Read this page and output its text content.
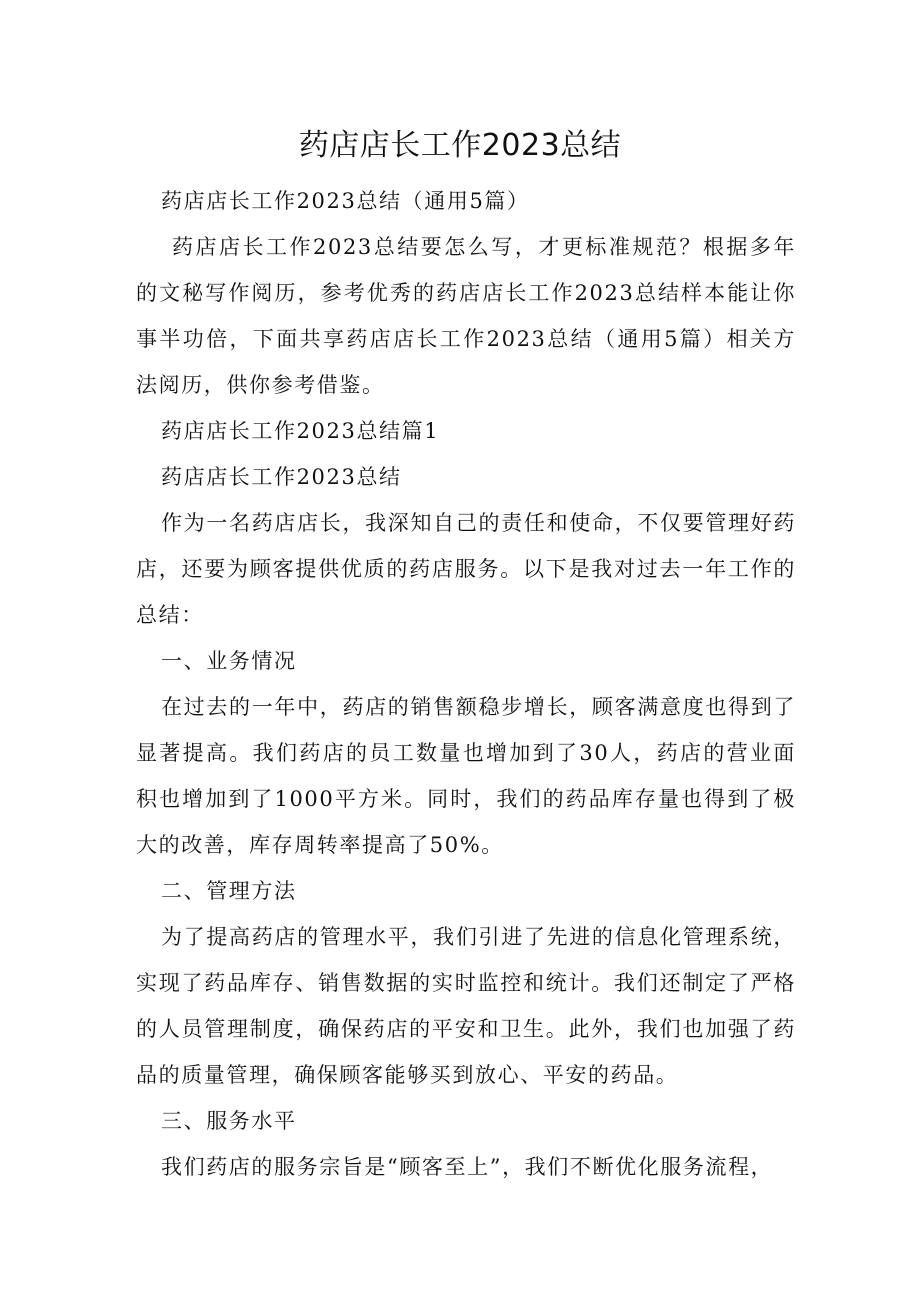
药店店长工作2023总结

药店店长工作2023总结（通用5篇）

药店店长工作2023总结要怎么写，才更标准规范？根据多年的文秘写作阅历，参考优秀的药店店长工作2023总结样本能让你事半功倍，下面共享药店店长工作2023总结（通用5篇）相关方法阅历，供你参考借鉴。

药店店长工作2023总结篇1

药店店长工作2023总结

作为一名药店店长，我深知自己的责任和使命，不仅要管理好药店，还要为顾客提供优质的药店服务。以下是我对过去一年工作的总结：

一、业务情况

在过去的一年中，药店的销售额稳步增长，顾客满意度也得到了显著提高。我们药店的员工数量也增加到了30人，药店的营业面积也增加到了1000平方米。同时，我们的药品库存量也得到了极大的改善，库存周转率提高了50%。

二、管理方法

为了提高药店的管理水平，我们引进了先进的信息化管理系统，实现了药品库存、销售数据的实时监控和统计。我们还制定了严格的人员管理制度，确保药店的平安和卫生。此外，我们也加强了药品的质量管理，确保顾客能够买到放心、平安的药品。

三、服务水平

我们药店的服务宗旨是“顾客至上”，我们不断优化服务流程，
